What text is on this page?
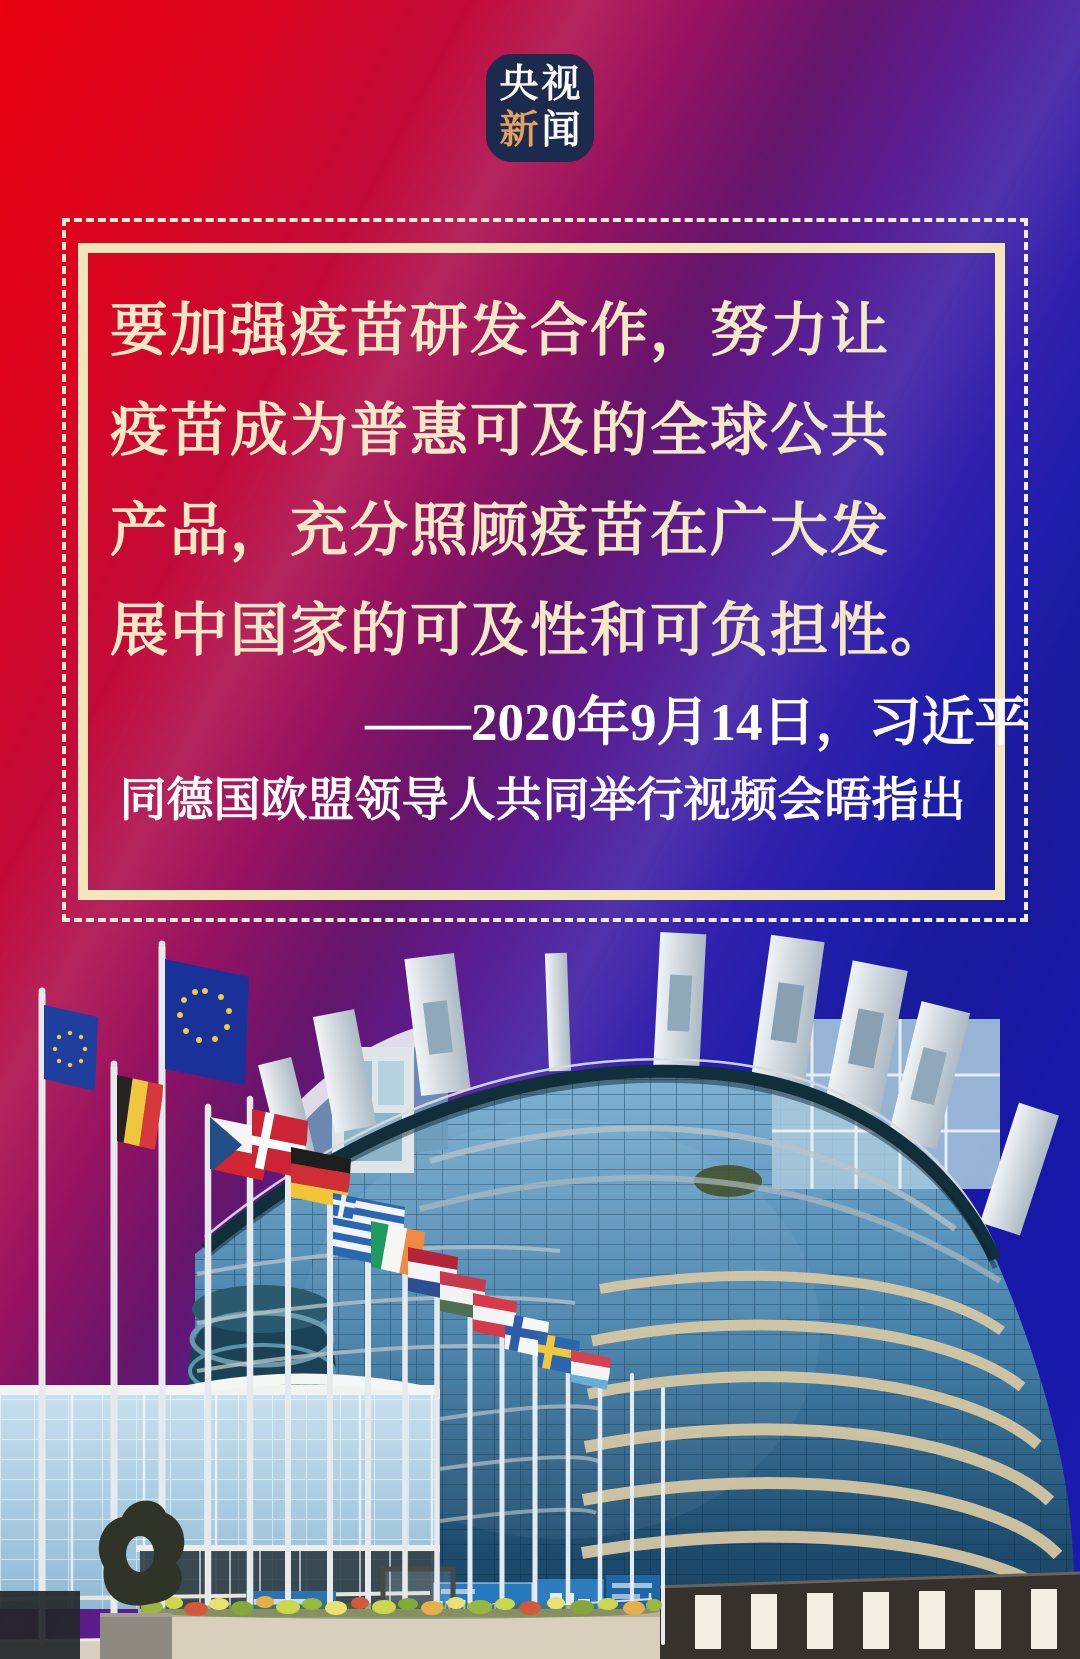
央视
新闻
要加强疫苗研发合作，努力让
疫苗成为普惠可及的全球公共
产品，充分照顾疫苗在广大发
展中国家的可及性和可负担性。
——2020年9月14日，习近平
同德国欧盟领导人共同举行视频会晤指出
